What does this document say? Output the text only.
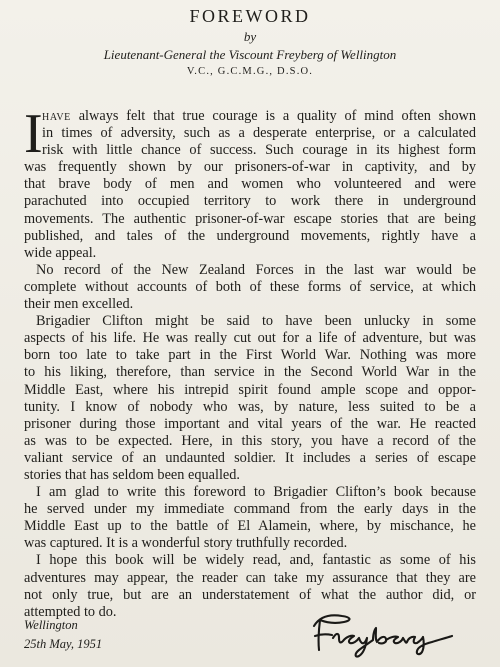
FOREWORD
by
Lieutenant-General the Viscount Freyberg of Wellington
V.C., G.C.M.G., D.S.O.
I have always felt that true courage is a quality of mind often shown
in times of adversity, such as a desperate enterprise, or a calculated
risk with little chance of success. Such courage in its highest form
was frequently shown by our prisoners-of-war in captivity, and by
that brave body of men and women who volunteered and were
parachuted into occupied territory to work there in underground
movements. The authentic prisoner-of-war escape stories that are being
published, and tales of the underground movements, rightly have a
wide appeal.
No record of the New Zealand Forces in the last war would be
complete without accounts of both of these forms of service, at which
their men excelled.
Brigadier Clifton might be said to have been unlucky in some
aspects of his life. He was really cut out for a life of adventure, but was
born too late to take part in the First World War. Nothing was more
to his liking, therefore, than service in the Second World War in the
Middle East, where his intrepid spirit found ample scope and oppor-
tunity. I know of nobody who was, by nature, less suited to be a
prisoner during those important and vital years of the war. He reacted
as was to be expected. Here, in this story, you have a record of the
valiant service of an undaunted soldier. It includes a series of escape
stories that has seldom been equalled.
I am glad to write this foreword to Brigadier Clifton’s book because
he served under my immediate command from the early days in the
Middle East up to the battle of El Alamein, where, by mischance, he
was captured. It is a wonderful story truthfully recorded.
I hope this book will be widely read, and, fantastic as some of his
adventures may appear, the reader can take my assurance that they are
not only true, but are an understatement of what the author did, or
attempted to do.
Wellington
25th May, 1951
